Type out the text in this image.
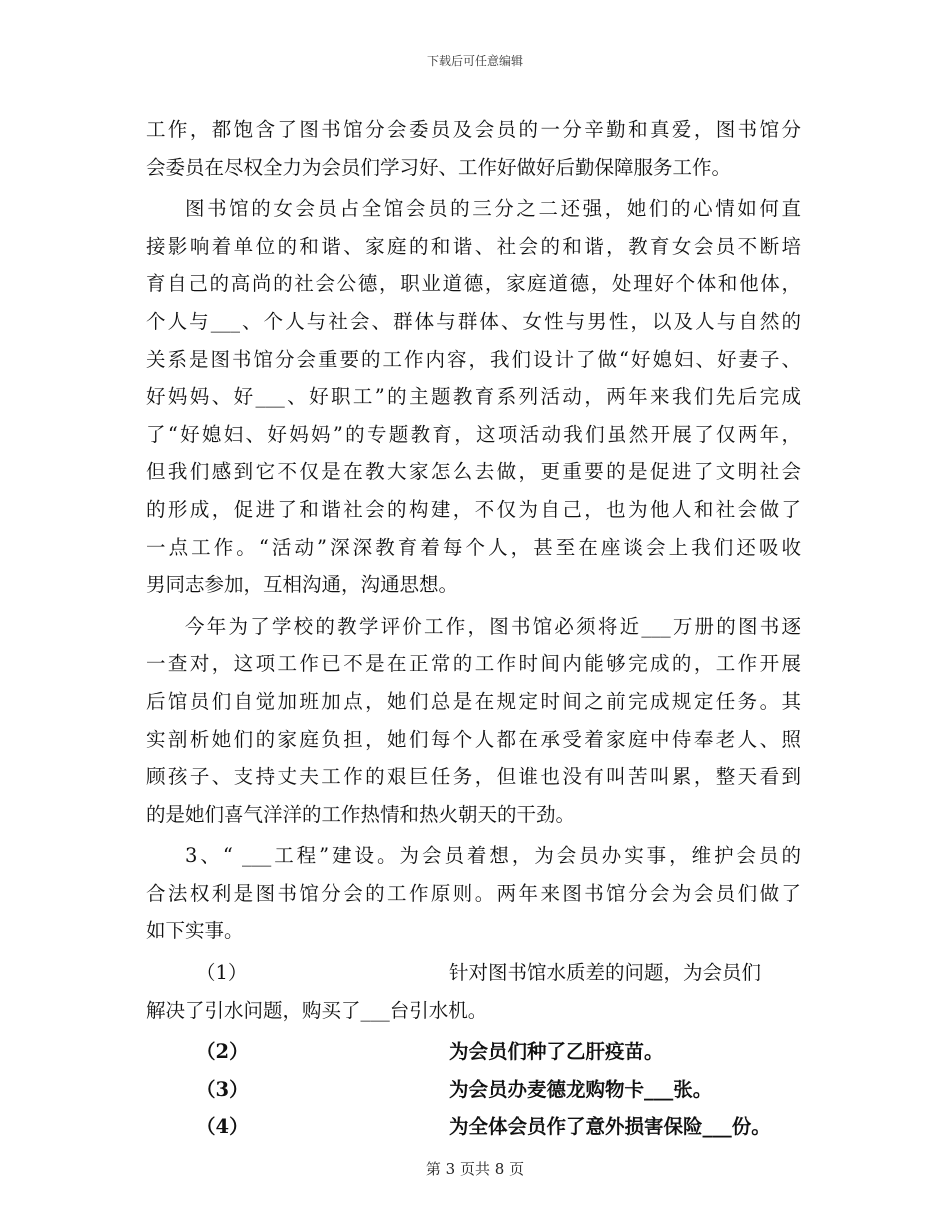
下载后可任意编辑
工作，都饱含了图书馆分会委员及会员的一分辛勤和真爱，图书馆分
会委员在尽权全力为会员们学习好、工作好做好后勤保障服务工作。
图书馆的女会员占全馆会员的三分之二还强，她们的心情如何直
接影响着单位的和谐、家庭的和谐、社会的和谐，教育女会员不断培
育自己的高尚的社会公德，职业道德，家庭道德，处理好个体和他体，
个人与___、个人与社会、群体与群体、女性与男性，以及人与自然的
关系是图书馆分会重要的工作内容，我们设计了做“好媳妇、好妻子、
好妈妈、好___、好职工”的主题教育系列活动，两年来我们先后完成
了“好媳妇、好妈妈”的专题教育，这项活动我们虽然开展了仅两年，
但我们感到它不仅是在教大家怎么去做，更重要的是促进了文明社会
的形成，促进了和谐社会的构建，不仅为自己，也为他人和社会做了
一点工作。“活动”深深教育着每个人，甚至在座谈会上我们还吸收
男同志参加，互相沟通，沟通思想。
今年为了学校的教学评价工作，图书馆必须将近___万册的图书逐
一查对，这项工作已不是在正常的工作时间内能够完成的，工作开展
后馆员们自觉加班加点，她们总是在规定时间之前完成规定任务。其
实剖析她们的家庭负担，她们每个人都在承受着家庭中侍奉老人、照
顾孩子、支持丈夫工作的艰巨任务，但谁也没有叫苦叫累，整天看到
的是她们喜气洋洋的工作热情和热火朝天的干劲。
3、“ ___工程”建设。为会员着想，为会员办实事，维护会员的
合法权利是图书馆分会的工作原则。两年来图书馆分会为会员们做了
如下实事。
（1）	针对图书馆水质差的问题，为会员们
解决了引水问题，购买了___台引水机。
（2）	为会员们种了乙肝疫苗。
（3）	为会员办麦德龙购物卡___张。
（4）	为全体会员作了意外损害保险___份。
第 3 页共 8 页
